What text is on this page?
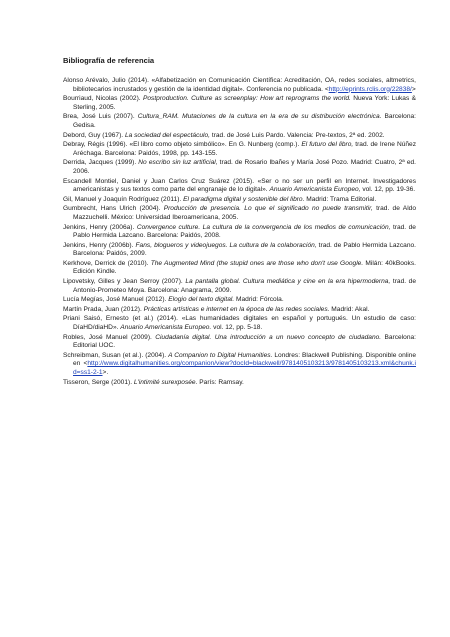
Bibliografía de referencia

Alonso Arévalo, Julio (2014). «Alfabetización en Comunicación Científica: Acreditación, OA, redes sociales, altmetrics, bibliotecarios incrustados y gestión de la identidad digital». Conferencia no publicada. <http://eprints.rclis.org/22838/>
Bourriaud, Nicolas (2002). Postproduction. Culture as screenplay: How art reprograms the world. Nueva York: Lukas & Sterling, 2005.
Brea, José Luis (2007). Cultura_RAM. Mutaciones de la cultura en la era de su distribución electrónica. Barcelona: Gedisa.
Debord, Guy (1967). La sociedad del espectáculo, trad. de José Luis Pardo. Valencia: Pre-textos, 2ª ed. 2002.
Debray, Régis (1996). «El libro como objeto simbólico». En G. Nunberg (comp.). El futuro del libro, trad. de Irene Núñez Aréchaga. Barcelona: Paidós, 1998, pp. 143-155.
Derrida, Jacques (1999). No escribo sin luz artificial, trad. de Rosario Ibañes y María José Pozo. Madrid: Cuatro, 2ª ed. 2006.
Escandell Montiel, Daniel y Juan Carlos Cruz Suárez (2015). «Ser o no ser un perfil en Internet. Investigadores americanistas y sus textos como parte del engranaje de lo digital». Anuario Americanista Europeo, vol. 12, pp. 19-36.
Gil, Manuel y Joaquín Rodríguez (2011). El paradigma digital y sostenible del libro. Madrid: Trama Editorial.
Gumbrecht, Hans Ulrich (2004). Producción de presencia. Lo que el significado no puede transmitir, trad. de Aldo Mazzuchelli. México: Universidad Iberoamericana, 2005.
Jenkins, Henry (2006a). Convergence culture. La cultura de la convergencia de los medios de comunicación, trad. de Pablo Hermida Lazcano. Barcelona: Paidós, 2008.
Jenkins, Henry (2006b). Fans, blogueros y videojuegos. La cultura de la colaboración, trad. de Pablo Hermida Lazcano. Barcelona: Paidós, 2009.
Kerkhove, Derrick de (2010). The Augmented Mind (the stupid ones are those who don't use Google. Milán: 40kBooks. Edición Kindle.
Lipovetsky, Gilles y Jean Serroy (2007). La pantalla global. Cultura mediática y cine en la era hipermoderna, trad. de Antonio-Prometeo Moya. Barcelona: Anagrama, 2009.
Lucía Megías, José Manuel (2012). Elogio del texto digital. Madrid: Fórcola.
Martín Prada, Juan (2012). Prácticas artísticas e internet en la época de las redes sociales. Madrid: Akal.
Priani Saisó, Ernesto (et al.) (2014). «Las humanidades digitales en español y portugués. Un estudio de caso: DíaHD/diaHD». Anuario Americanista Europeo. vol. 12, pp. 5-18.
Robles, José Manuel (2009). Ciudadanía digital. Una introducción a un nuevo concepto de ciudadano. Barcelona: Editorial UOC.
Schreibman, Susan (et al.). (2004). A Companion to Digital Humanities. Londres: Blackwell Publishing. Disponible online en <http://www.digitalhumanities.org/companion/view?docId=blackwell/9781405103213/9781405103213.xml&chunk.id=ss1-2-1>.
Tisseron, Serge (2001). L'intimité surexposée. París: Ramsay.
